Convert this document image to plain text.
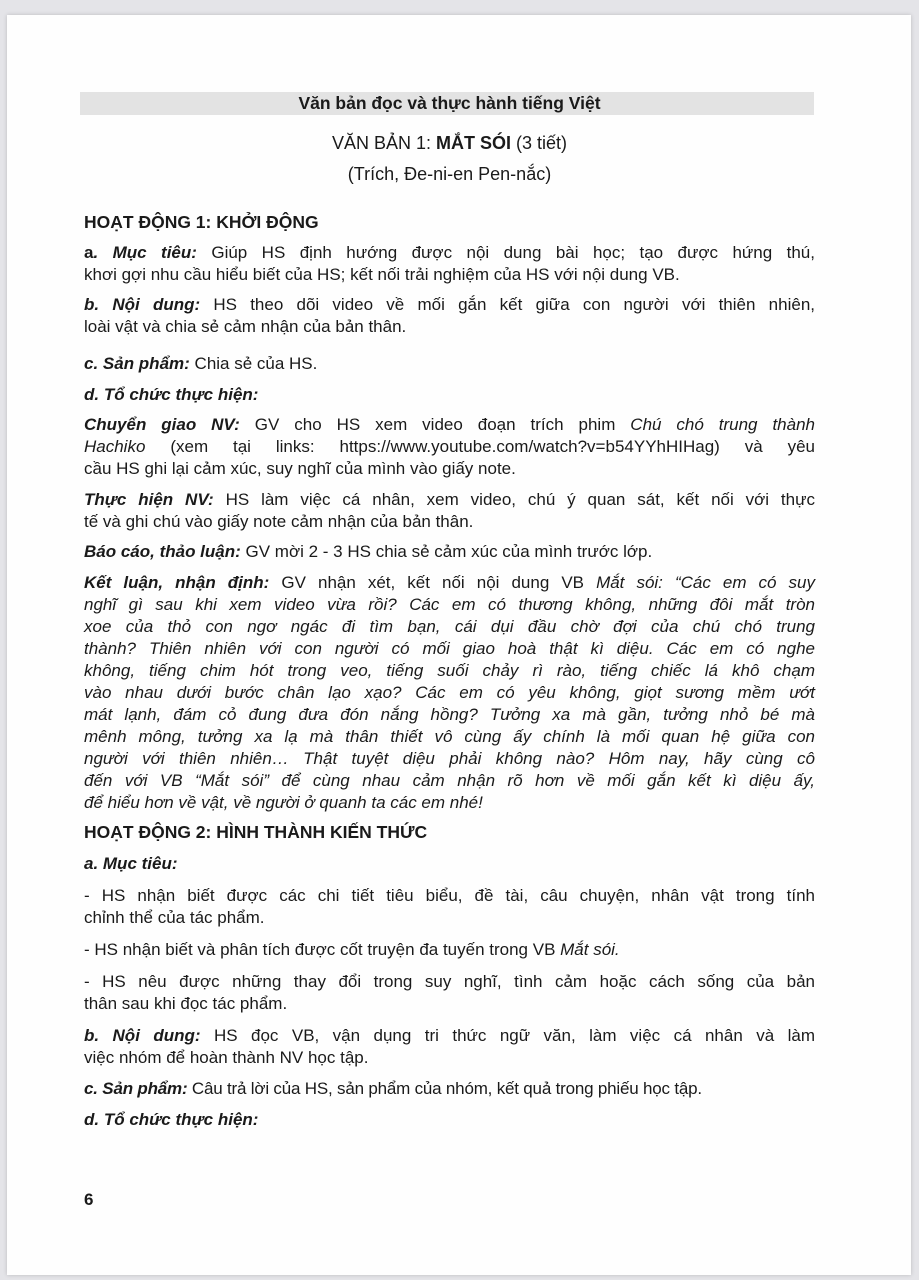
Văn bản đọc và thực hành tiếng Việt
VĂN BẢN 1: MẮT SÓI (3 tiết)
(Trích, Đe-ni-en Pen-nắc)
HOẠT ĐỘNG 1: KHỞI ĐỘNG
a. Mục tiêu: Giúp HS định hướng được nội dung bài học; tạo được hứng thú,
khơi gợi nhu cầu hiểu biết của HS; kết nối trải nghiệm của HS với nội dung VB.
b. Nội dung: HS theo dõi video về mối gắn kết giữa con người với thiên nhiên,
loài vật và chia sẻ cảm nhận của bản thân.
c. Sản phẩm: Chia sẻ của HS.
d. Tổ chức thực hiện:
Chuyển giao NV: GV cho HS xem video đoạn trích phim Chú chó trung thành
Hachiko (xem tại links: https://www.youtube.com/watch?v=b54YYhHIHag) và yêu
cầu HS ghi lại cảm xúc, suy nghĩ của mình vào giấy note.
Thực hiện NV: HS làm việc cá nhân, xem video, chú ý quan sát, kết nối với thực
tế và ghi chú vào giấy note cảm nhận của bản thân.
Báo cáo, thảo luận: GV mời 2 - 3 HS chia sẻ cảm xúc của mình trước lớp.
Kết luận, nhận định: GV nhận xét, kết nối nội dung VB Mắt sói: “Các em có suy
nghĩ gì sau khi xem video vừa rồi? Các em có thương không, những đôi mắt tròn
xoe của thỏ con ngơ ngác đi tìm bạn, cái dụi đầu chờ đợi của chú chó trung
thành? Thiên nhiên với con người có mối giao hoà thật kì diệu. Các em có nghe
không, tiếng chim hót trong veo, tiếng suối chảy rì rào, tiếng chiếc lá khô chạm
vào nhau dưới bước chân lạo xạo? Các em có yêu không, giọt sương mềm ướt
mát lạnh, đám cỏ đung đưa đón nắng hồng? Tưởng xa mà gần, tưởng nhỏ bé mà
mênh mông, tưởng xa lạ mà thân thiết vô cùng ấy chính là mối quan hệ giữa con
người với thiên nhiên… Thật tuyệt diệu phải không nào? Hôm nay, hãy cùng cô
đến với VB “Mắt sói” để cùng nhau cảm nhận rõ hơn về mối gắn kết kì diệu ấy,
để hiểu hơn về vật, về người ở quanh ta các em nhé!
HOẠT ĐỘNG 2: HÌNH THÀNH KIẾN THỨC
a. Mục tiêu:
- HS nhận biết được các chi tiết tiêu biểu, đề tài, câu chuyện, nhân vật trong tính
chỉnh thể của tác phẩm.
- HS nhận biết và phân tích được cốt truyện đa tuyến trong VB Mắt sói.
- HS nêu được những thay đổi trong suy nghĩ, tình cảm hoặc cách sống của bản
thân sau khi đọc tác phẩm.
b. Nội dung: HS đọc VB, vận dụng tri thức ngữ văn, làm việc cá nhân và làm
việc nhóm để hoàn thành NV học tập.
c. Sản phẩm: Câu trả lời của HS, sản phẩm của nhóm, kết quả trong phiếu học tập.
d. Tổ chức thực hiện:
6
